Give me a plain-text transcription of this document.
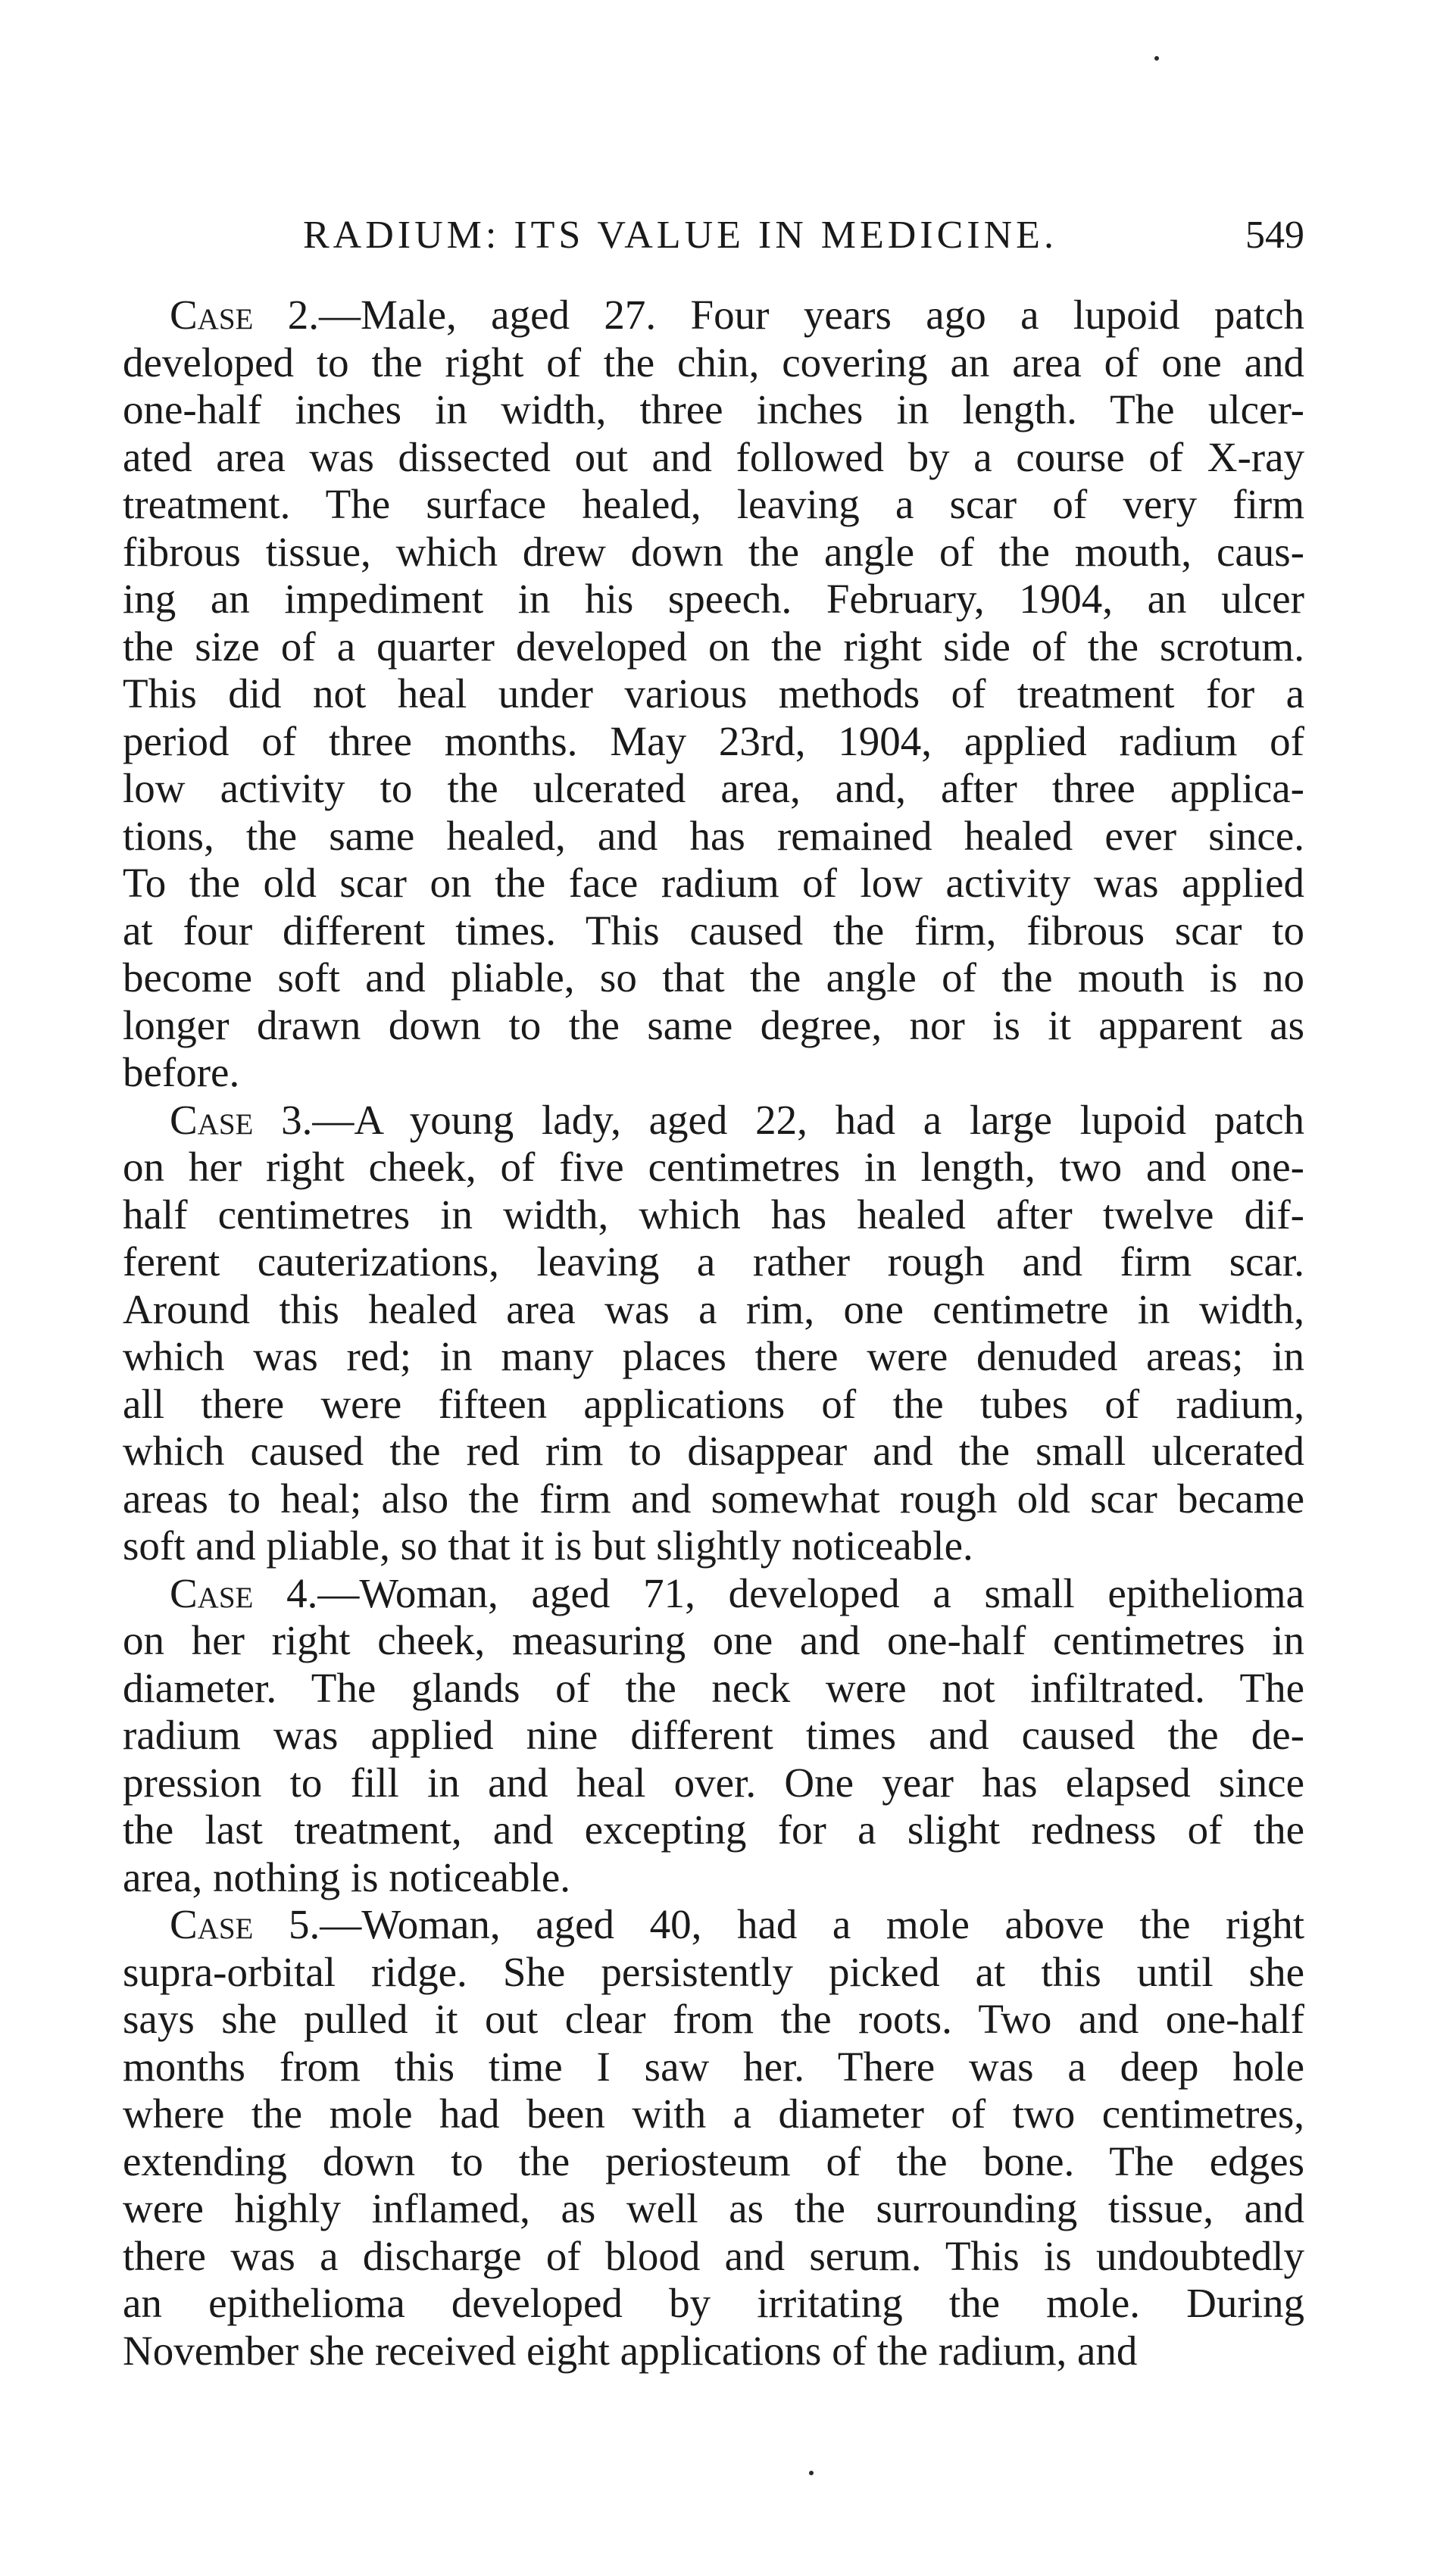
RADIUM: ITS VALUE IN MEDICINE.	549
Case 2.—Male, aged 27. Four years ago a lupoid patch
developed to the right of the chin, covering an area of one and
one-half inches in width, three inches in length. The ulcer-
ated area was dissected out and followed by a course of X-ray
treatment. The surface healed, leaving a scar of very firm
fibrous tissue, which drew down the angle of the mouth, caus-
ing an impediment in his speech. February, 1904, an ulcer
the size of a quarter developed on the right side of the scrotum.
This did not heal under various methods of treatment for a
period of three months. May 23rd, 1904, applied radium of
low activity to the ulcerated area, and, after three applica-
tions, the same healed, and has remained healed ever since.
To the old scar on the face radium of low activity was applied
at four different times. This caused the firm, fibrous scar to
become soft and pliable, so that the angle of the mouth is no
longer drawn down to the same degree, nor is it apparent as
before.
Case 3.—A young lady, aged 22, had a large lupoid patch
on her right cheek, of five centimetres in length, two and one-
half centimetres in width, which has healed after twelve dif-
ferent cauterizations, leaving a rather rough and firm scar.
Around this healed area was a rim, one centimetre in width,
which was red; in many places there were denuded areas; in
all there were fifteen applications of the tubes of radium,
which caused the red rim to disappear and the small ulcerated
areas to heal; also the firm and somewhat rough old scar became
soft and pliable, so that it is but slightly noticeable.
Case 4.—Woman, aged 71, developed a small epithelioma
on her right cheek, measuring one and one-half centimetres in
diameter. The glands of the neck were not infiltrated. The
radium was applied nine different times and caused the de-
pression to fill in and heal over. One year has elapsed since
the last treatment, and excepting for a slight redness of the
area, nothing is noticeable.
Case 5.—Woman, aged 40, had a mole above the right
supra-orbital ridge. She persistently picked at this until she
says she pulled it out clear from the roots. Two and one-half
months from this time I saw her. There was a deep hole
where the mole had been with a diameter of two centimetres,
extending down to the periosteum of the bone. The edges
were highly inflamed, as well as the surrounding tissue, and
there was a discharge of blood and serum. This is undoubtedly
an epithelioma developed by irritating the mole. During
November she received eight applications of the radium, and
